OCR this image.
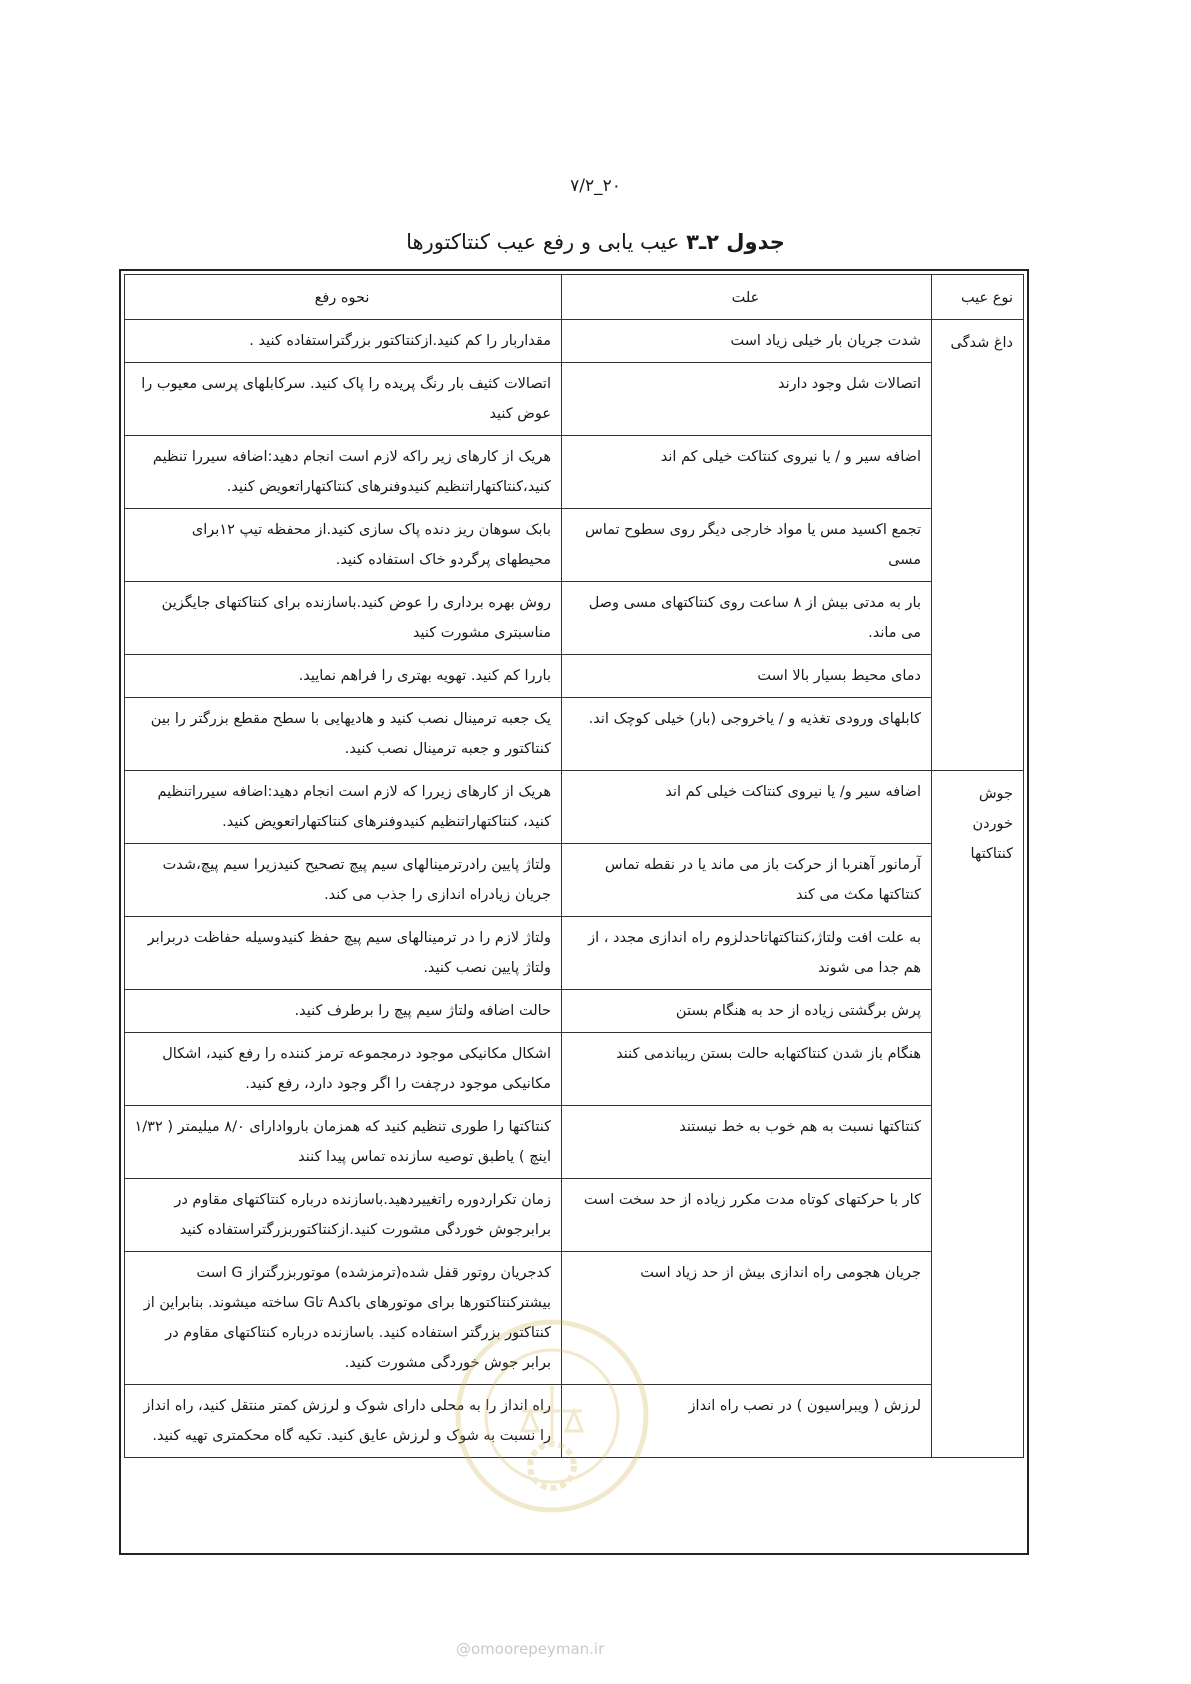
۷/۲_۲۰
جدول ۲ـ۳ عیب یابی و رفع عیب کنتاکتورها
نوع عیب	علت	نحوه رفع
داغ شدگی	شدت جریان بار خیلی زیاد است	مقداربار را کم کنید.ازکنتاکتور بزرگتراستفاده کنید .
	اتصالات شل وجود دارند	اتصالات کثیف بار رنگ پریده را پاک کنید. سرکابلهای پرسی معیوب را عوض کنید
	اضافه سیر و / یا نیروی کنتاکت خیلی کم اند	هریک از کارهای زیر راکه لازم است انجام دهید:اضافه سیررا تنظیم کنید،کنتاکتهاراتنظیم کنیدوفنرهای کنتاکتهاراتعویض کنید.
	تجمع اکسید مس یا مواد خارجی دیگر روی سطوح تماس مسی	بابک سوهان ریز دنده پاک سازی کنید.از محفظه تیپ ۱۲برای محیطهای پرگردو خاک استفاده کنید.
	بار به مدتی بیش از ۸ ساعت روی کنتاکتهای مسی وصل می ماند.	روش بهره برداری را عوض کنید.باسازنده برای کنتاکتهای جایگزین مناسبتری مشورت کنید
	دمای محیط بسیار بالا است	باررا کم کنید. تهویه بهتری را فراهم نمایید.
	کابلهای ورودی تغذیه و / یاخروجی (بار) خیلی کوچک اند.	یک جعبه ترمینال نصب کنید و هادیهایی با سطح مقطع بزرگتر را بین کنتاکتور و جعبه ترمینال نصب کنید.
جوش خوردن کنتاکتها	اضافه سیر و/ یا نیروی کنتاکت خیلی کم اند	هریک از کارهای زیررا که لازم است انجام دهید:اضافه سیرراتنظیم کنید، کنتاکتهاراتنظیم کنیدوفنرهای کنتاکتهاراتعویض کنید.
	آرمانور آهنربا از حرکت باز می ماند یا در نقطه تماس کنتاکتها مکث می کند	ولتاژ پایین رادرترمینالهای سیم پیچ تصحیح کنیدزیرا سیم پیچ،شدت جریان زیادراه اندازی را جذب می کند.
	به علت افت ولتاژ،کنتاکتهاتاحدلزوم راه اندازی مجدد ، از هم جدا می شوند	ولتاژ لازم را در ترمینالهای سیم پیچ حفظ کنیدوسیله حفاظت دربرابر ولتاژ پایین نصب کنید.
	پرش برگشتی زیاده از حد به هنگام بستن	حالت اضافه ولتاژ سیم پیچ را برطرف کنید.
	هنگام باز شدن کنتاکتهابه حالت بستن ریباندمی کنند	اشکال مکانیکی موجود درمجموعه ترمز کننده را رفع کنید، اشکال مکانیکی موجود درچفت را اگر وجود دارد، رفع کنید.
	کنتاکتها نسبت به هم خوب به خط نیستند	کنتاکتها را طوری تنظیم کنید که همزمان باروادارای ۸/۰ میلیمتر ( ۱/۳۲ اینچ ) یاطبق توصیه سازنده تماس پیدا کنند
	کار با حرکتهای کوتاه مدت مکرر زیاده از حد سخت است	زمان تکراردوره راتغییردهید.باسازنده درباره کنتاکتهای مقاوم در برابرجوش خوردگی مشورت کنید.ازکنتاکتوربزرگتراستفاده کنید
	جریان هجومی راه اندازی بیش از حد زیاد است	کدجریان روتور قفل شده(ترمزشده) موتوربزرگتراز G است بیشترکنتاکتورها برای موتورهای باکدA تاG ساخته میشوند. بنابراین از کنتاکتور بزرگتر استفاده کنید. باسازنده درباره کنتاکتهای مقاوم در برابر جوش خوردگی مشورت کنید.
	لرزش ( ویبراسیون ) در نصب راه انداز	راه انداز را به محلی دارای شوک و لرزش کمتر منتقل کنید، راه انداز را نسبت به شوک و لرزش عایق کنید. تکیه گاه محکمتری تهیه کنید.
@omoorepeyman.ir
